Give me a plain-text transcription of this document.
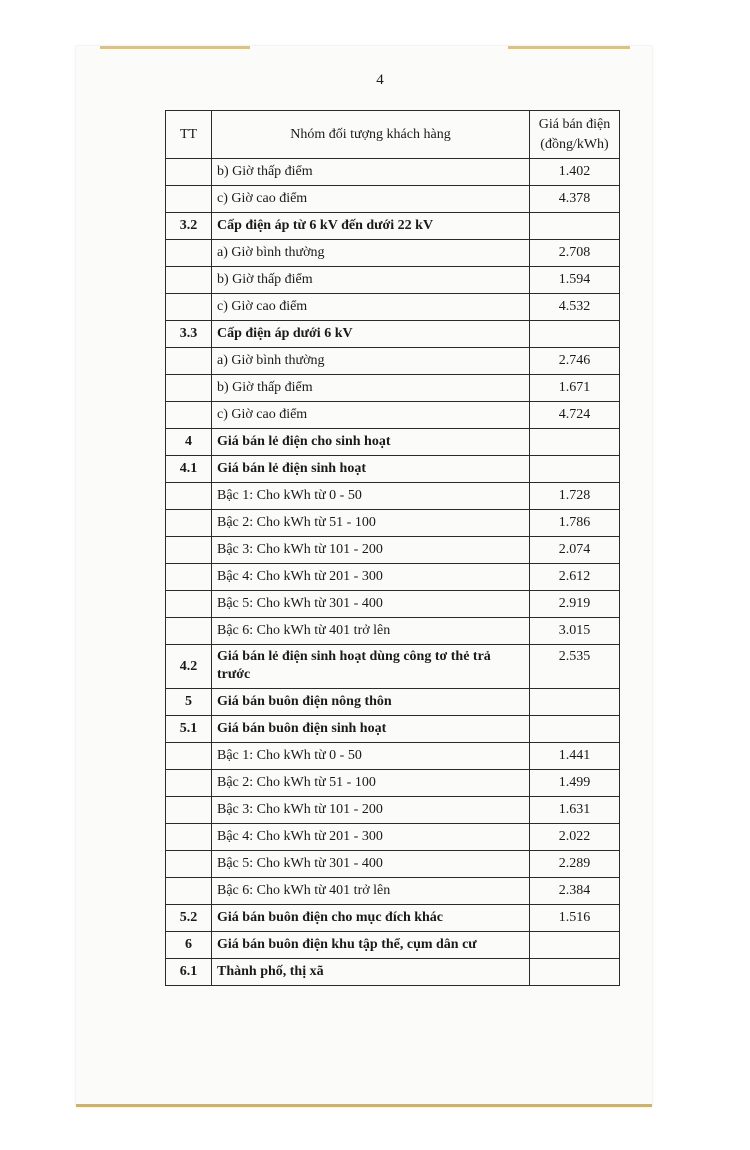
4
TT	Nhóm đối tượng khách hàng	Giá bán điện
(đồng/kWh)

	b) Giờ thấp điểm	1.402
	c) Giờ cao điểm	4.378
3.2	Cấp điện áp từ 6 kV đến dưới 22 kV	
	a) Giờ bình thường	2.708
	b) Giờ thấp điểm	1.594
	c) Giờ cao điểm	4.532
3.3	Cấp điện áp dưới 6 kV	
	a) Giờ bình thường	2.746
	b) Giờ thấp điểm	1.671
	c) Giờ cao điểm	4.724
4	Giá bán lẻ điện cho sinh hoạt	
4.1	Giá bán lẻ điện sinh hoạt	
	Bậc 1: Cho kWh từ 0 - 50	1.728
	Bậc 2: Cho kWh từ 51 - 100	1.786
	Bậc 3: Cho kWh từ 101 - 200	2.074
	Bậc 4: Cho kWh từ 201 - 300	2.612
	Bậc 5: Cho kWh từ 301 - 400	2.919
	Bậc 6: Cho kWh từ 401 trở lên	3.015
4.2	Giá bán lẻ điện sinh hoạt dùng công tơ thẻ trả trước	2.535
5	Giá bán buôn điện nông thôn	
5.1	Giá bán buôn điện sinh hoạt	
	Bậc 1: Cho kWh từ 0 - 50	1.441
	Bậc 2: Cho kWh từ 51 - 100	1.499
	Bậc 3: Cho kWh từ 101 - 200	1.631
	Bậc 4: Cho kWh từ 201 - 300	2.022
	Bậc 5: Cho kWh từ 301 - 400	2.289
	Bậc 6: Cho kWh từ 401 trở lên	2.384
5.2	Giá bán buôn điện cho mục đích khác	1.516
6	Giá bán buôn điện khu tập thể, cụm dân cư	
6.1	Thành phố, thị xã	
